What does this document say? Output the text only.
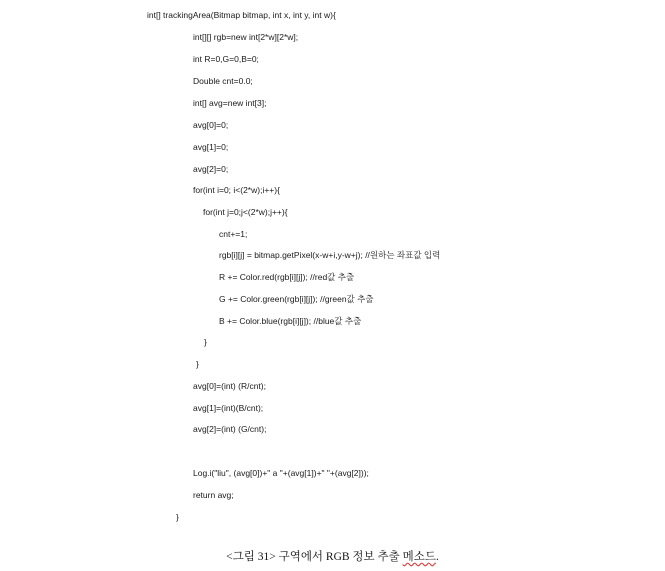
int[] trackingArea(Bitmap bitmap, int x, int y, int w){
int[][] rgb=new int[2*w][2*w];
int R=0,G=0,B=0;
Double cnt=0.0;
int[] avg=new int[3];
avg[0]=0;
avg[1]=0;
avg[2]=0;
for(int i=0; i<(2*w);i++){
for(int j=0;j<(2*w);j++){
cnt+=1;
rgb[i][j] = bitmap.getPixel(x-w+i,y-w+j); //원하는 좌표값 입력
R += Color.red(rgb[i][j]); //red값 추출
G += Color.green(rgb[i][j]); //green값 추출
B += Color.blue(rgb[i][j]); //blue값 추출
}
}
avg[0]=(int) (R/cnt);
avg[1]=(int)(B/cnt);
avg[2]=(int) (G/cnt);
Log.i("liu", (avg[0])+" a "+(avg[1])+" "+(avg[2]));
return avg;
}
<그림 31> 구역에서 RGB 정보 추출 메소드.
